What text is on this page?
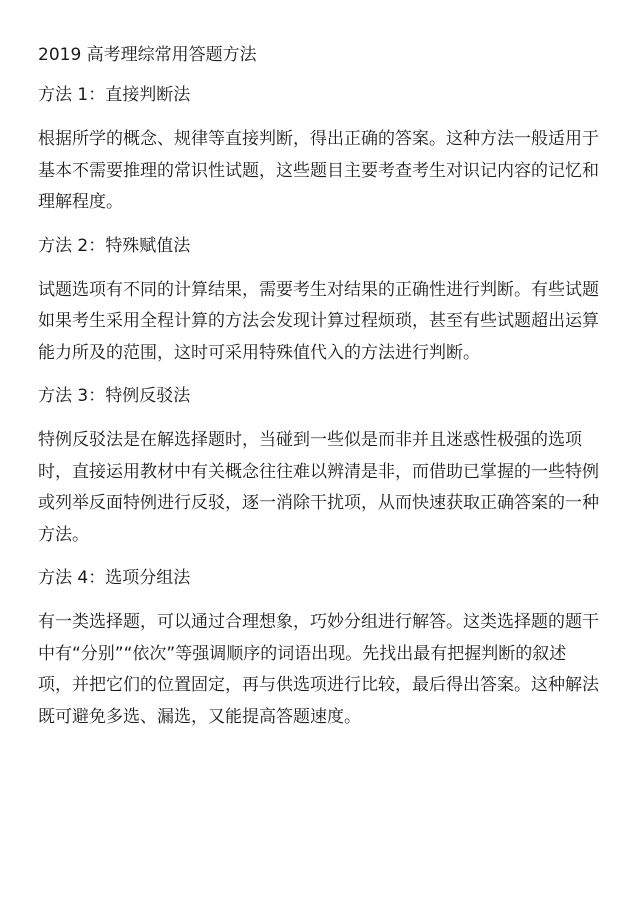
2019 高考理综常用答题方法
方法 1：直接判断法
根据所学的概念、规律等直接判断，得出正确的答案。这种方法一般适用于
基本不需要推理的常识性试题，这些题目主要考查考生对识记内容的记忆和
理解程度。
方法 2：特殊赋值法
试题选项有不同的计算结果，需要考生对结果的正确性进行判断。有些试题
如果考生采用全程计算的方法会发现计算过程烦琐，甚至有些试题超出运算
能力所及的范围，这时可采用特殊值代入的方法进行判断。
方法 3：特例反驳法
特例反驳法是在解选择题时，当碰到一些似是而非并且迷惑性极强的选项
时，直接运用教材中有关概念往往难以辨清是非，而借助已掌握的一些特例
或列举反面特例进行反驳，逐一消除干扰项，从而快速获取正确答案的一种
方法。
方法 4：选项分组法
有一类选择题，可以通过合理想象，巧妙分组进行解答。这类选择题的题干
中有“分别”“依次”等强调顺序的词语出现。先找出最有把握判断的叙述
项，并把它们的位置固定，再与供选项进行比较，最后得出答案。这种解法
既可避免多选、漏选，又能提高答题速度。
